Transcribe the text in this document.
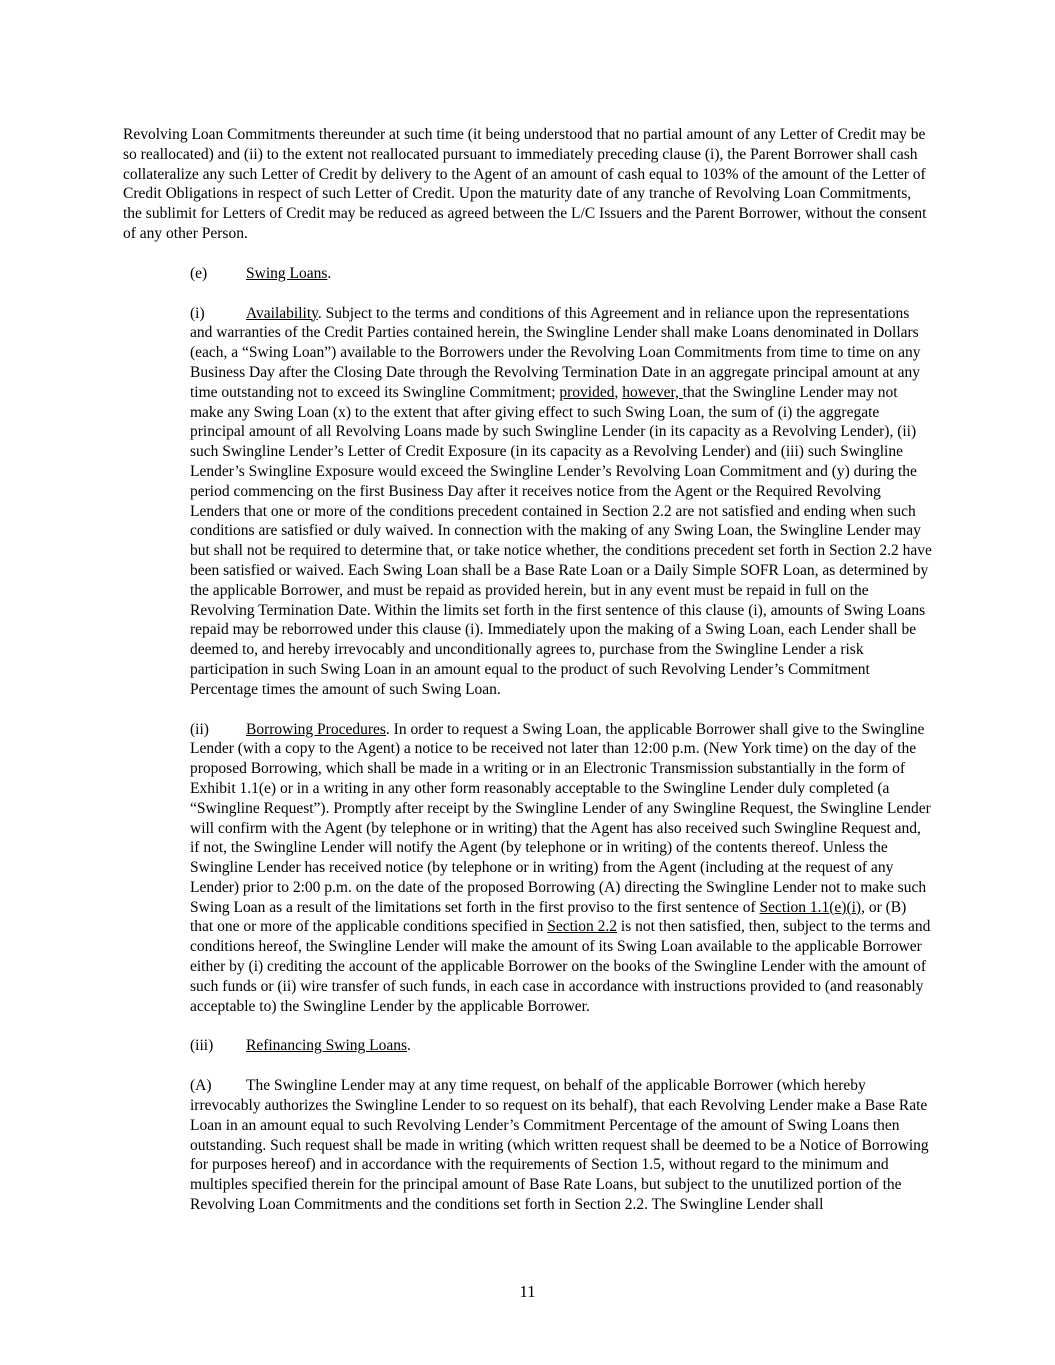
Revolving Loan Commitments thereunder at such time (it being understood that no partial amount of any Letter of Credit may be so reallocated) and (ii) to the extent not reallocated pursuant to immediately preceding clause (i), the Parent Borrower shall cash collateralize any such Letter of Credit by delivery to the Agent of an amount of cash equal to 103% of the amount of the Letter of Credit Obligations in respect of such Letter of Credit. Upon the maturity date of any tranche of Revolving Loan Commitments, the sublimit for Letters of Credit may be reduced as agreed between the L/C Issuers and the Parent Borrower, without the consent of any other Person.

(e)	Swing Loans.

(i)	Availability. Subject to the terms and conditions of this Agreement and in reliance upon the representations and warranties of the Credit Parties contained herein, the Swingline Lender shall make Loans denominated in Dollars (each, a “Swing Loan”) available to the Borrowers under the Revolving Loan Commitments from time to time on any Business Day after the Closing Date through the Revolving Termination Date in an aggregate principal amount at any time outstanding not to exceed its Swingline Commitment; provided, however, that the Swingline Lender may not make any Swing Loan (x) to the extent that after giving effect to such Swing Loan, the sum of (i) the aggregate principal amount of all Revolving Loans made by such Swingline Lender (in its capacity as a Revolving Lender), (ii) such Swingline Lender’s Letter of Credit Exposure (in its capacity as a Revolving Lender) and (iii) such Swingline Lender’s Swingline Exposure would exceed the Swingline Lender’s Revolving Loan Commitment and (y) during the period commencing on the first Business Day after it receives notice from the Agent or the Required Revolving Lenders that one or more of the conditions precedent contained in Section 2.2 are not satisfied and ending when such conditions are satisfied or duly waived. In connection with the making of any Swing Loan, the Swingline Lender may but shall not be required to determine that, or take notice whether, the conditions precedent set forth in Section 2.2 have been satisfied or waived. Each Swing Loan shall be a Base Rate Loan or a Daily Simple SOFR Loan, as determined by the applicable Borrower, and must be repaid as provided herein, but in any event must be repaid in full on the Revolving Termination Date. Within the limits set forth in the first sentence of this clause (i), amounts of Swing Loans repaid may be reborrowed under this clause (i). Immediately upon the making of a Swing Loan, each Lender shall be deemed to, and hereby irrevocably and unconditionally agrees to, purchase from the Swingline Lender a risk participation in such Swing Loan in an amount equal to the product of such Revolving Lender’s Commitment Percentage times the amount of such Swing Loan.

(ii) Borrowing Procedures. In order to request a Swing Loan, the applicable Borrower shall give to the Swingline Lender (with a copy to the Agent) a notice to be received not later than 12:00 p.m. (New York time) on the day of the proposed Borrowing, which shall be made in a writing or in an Electronic Transmission substantially in the form of Exhibit 1.1(e) or in a writing in any other form reasonably acceptable to the Swingline Lender duly completed (a “Swingline Request”). Promptly after receipt by the Swingline Lender of any Swingline Request, the Swingline Lender will confirm with the Agent (by telephone or in writing) that the Agent has also received such Swingline Request and, if not, the Swingline Lender will notify the Agent (by telephone or in writing) of the contents thereof. Unless the Swingline Lender has received notice (by telephone or in writing) from the Agent (including at the request of any Lender) prior to 2:00 p.m. on the date of the proposed Borrowing (A) directing the Swingline Lender not to make such Swing Loan as a result of the limitations set forth in the first proviso to the first sentence of Section 1.1(e)(i), or (B) that one or more of the applicable conditions specified in Section 2.2 is not then satisfied, then, subject to the terms and conditions hereof, the Swingline Lender will make the amount of its Swing Loan available to the applicable Borrower either by (i) crediting the account of the applicable Borrower on the books of the Swingline Lender with the amount of such funds or (ii) wire transfer of such funds, in each case in accordance with instructions provided to (and reasonably acceptable to) the Swingline Lender by the applicable Borrower.

(iii) Refinancing Swing Loans.

(A) The Swingline Lender may at any time request, on behalf of the applicable Borrower (which hereby irrevocably authorizes the Swingline Lender to so request on its behalf), that each Revolving Lender make a Base Rate Loan in an amount equal to such Revolving Lender’s Commitment Percentage of the amount of Swing Loans then outstanding. Such request shall be made in writing (which written request shall be deemed to be a Notice of Borrowing for purposes hereof) and in accordance with the requirements of Section 1.5, without regard to the minimum and multiples specified therein for the principal amount of Base Rate Loans, but subject to the unutilized portion of the Revolving Loan Commitments and the conditions set forth in Section 2.2. The Swingline Lender shall

11
